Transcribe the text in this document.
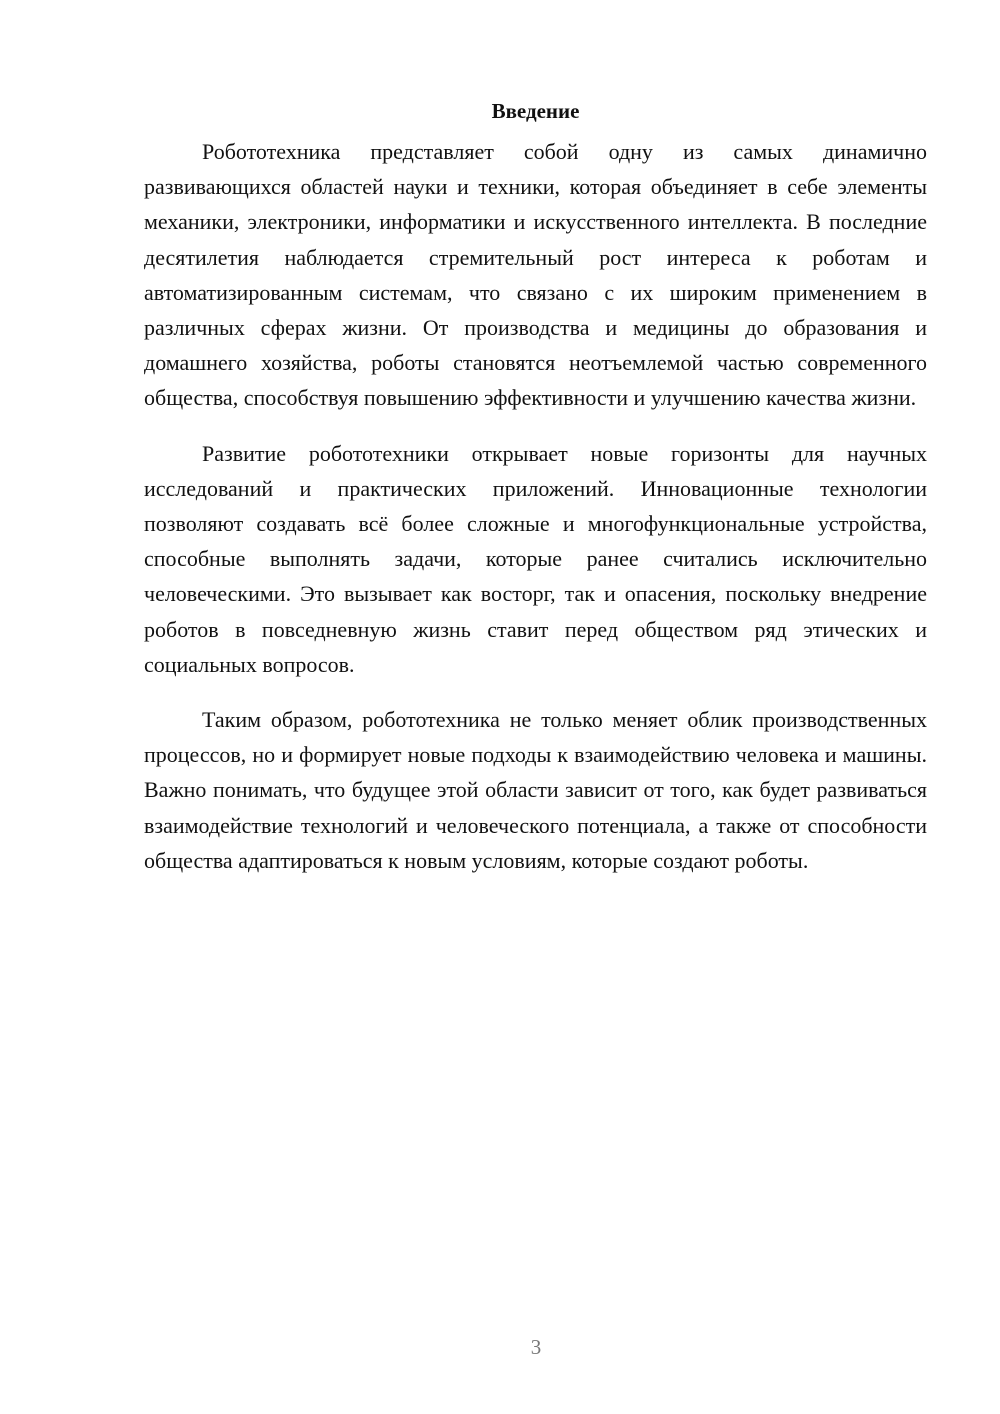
Введение

Робототехника представляет собой одну из самых динамично развивающихся областей науки и техники, которая объединяет в себе элементы механики, электроники, информатики и искусственного интеллекта. В последние десятилетия наблюдается стремительный рост интереса к роботам и автоматизированным системам, что связано с их широким применением в различных сферах жизни. От производства и медицины до образования и домашнего хозяйства, роботы становятся неотъемлемой частью современного общества, способствуя повышению эффективности и улучшению качества жизни.

Развитие робототехники открывает новые горизонты для научных исследований и практических приложений. Инновационные технологии позволяют создавать всё более сложные и многофункциональные устройства, способные выполнять задачи, которые ранее считались исключительно человеческими. Это вызывает как восторг, так и опасения, поскольку внедрение роботов в повседневную жизнь ставит перед обществом ряд этических и социальных вопросов.

Таким образом, робототехника не только меняет облик производственных процессов, но и формирует новые подходы к взаимодействию человека и машины. Важно понимать, что будущее этой области зависит от того, как будет развиваться взаимодействие технологий и человеческого потенциала, а также от способности общества адаптироваться к новым условиям, которые создают роботы.

3
